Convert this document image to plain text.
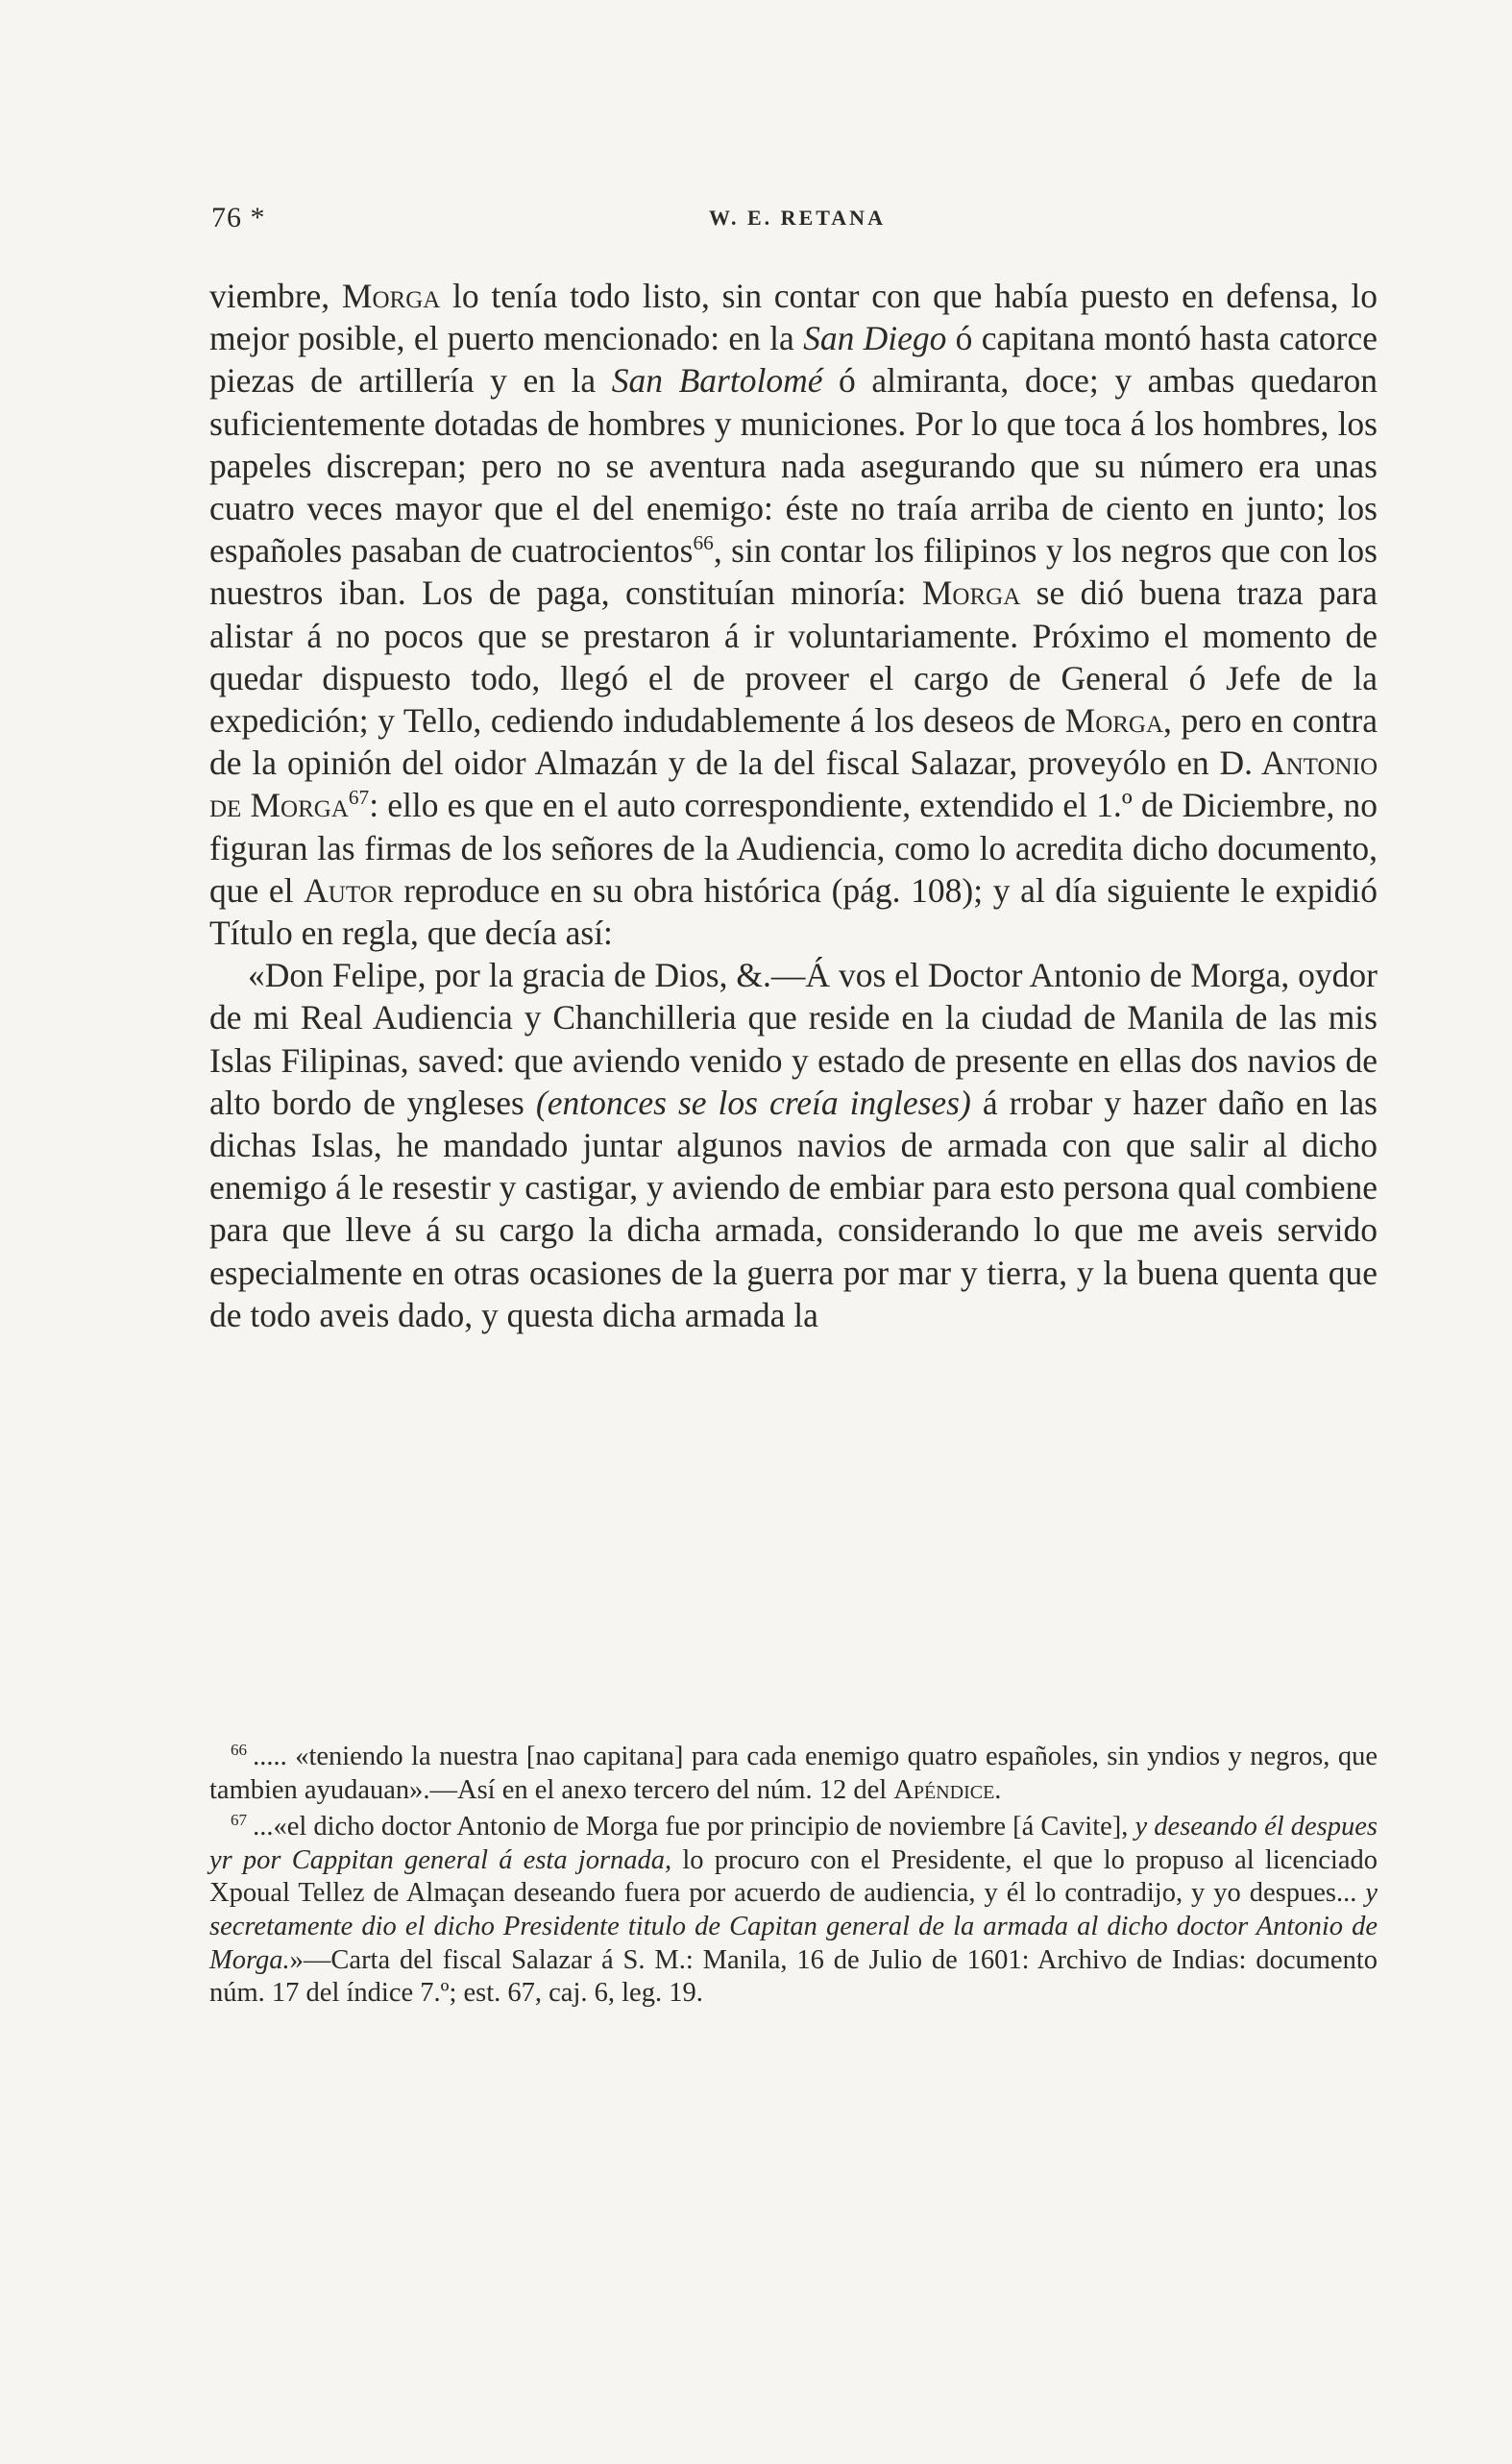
76 *	W. E. RETANA

viembre, Morga lo tenía todo listo, sin contar con que había puesto en defensa, lo mejor posible, el puerto mencionado: en la San Diego ó capitana montó hasta catorce piezas de artillería y en la San Bartolomé ó almiranta, doce; y ambas quedaron suficientemente dotadas de hombres y municiones. Por lo que toca á los hombres, los papeles discrepan; pero no se aventura nada asegurando que su número era unas cuatro veces mayor que el del enemigo: éste no traía arriba de ciento en junto; los españoles pasaban de cuatrocientos$^{66}$, sin contar los filipinos y los negros que con los nuestros iban. Los de paga, constituían minoría: Morga se dió buena traza para alistar á no pocos que se prestaron á ir voluntariamente. Próximo el momento de quedar dispuesto todo, llegó el de proveer el cargo de General ó Jefe de la expedición; y Tello, cediendo indudablemente á los deseos de Morga, pero en contra de la opinión del oidor Almazán y de la del fiscal Salazar, proveyólo en D. Antonio de Morga$^{67}$: ello es que en el auto correspondiente, extendido el 1.º de Diciembre, no figuran las firmas de los señores de la Audiencia, como lo acredita dicho documento, que el Autor reproduce en su obra histórica (pág. 108); y al día siguiente le expidió Título en regla, que decía así:

«Don Felipe, por la gracia de Dios, &.—Á vos el Doctor Antonio de Morga, oydor de mi Real Audiencia y Chanchilleria que reside en la ciudad de Manila de las mis Islas Filipinas, saved: que aviendo venido y estado de presente en ellas dos navios de alto bordo de yngleses (entonces se los creía ingleses) á rrobar y hazer daño en las dichas Islas, he mandado juntar algunos navios de armada con que salir al dicho enemigo á le resestir y castigar, y aviendo de embiar para esto persona qual combiene para que lleve á su cargo la dicha armada, considerando lo que me aveis servido especialmente en otras ocasiones de la guerra por mar y tierra, y la buena quenta que de todo aveis dado, y questa dicha armada la

$^{66}$ ..... «teniendo la nuestra [nao capitana] para cada enemigo quatro españoles, sin yndios y negros, que tambien ayudauan».—Así en el anexo tercero del núm. 12 del Apéndice.

$^{67}$ ...«el dicho doctor Antonio de Morga fue por principio de noviembre [á Cavite], y deseando él despues yr por Cappitan general á esta jornada, lo procuro con el Presidente, el que lo propuso al licenciado Xpoual Tellez de Almaçan deseando fuera por acuerdo de audiencia, y él lo contradijo, y yo despues... y secretamente dio el dicho Presidente titulo de Capitan general de la armada al dicho doctor Antonio de Morga.»—Carta del fiscal Salazar á S. M.: Manila, 16 de Julio de 1601: Archivo de Indias: documento núm. 17 del índice 7.º; est. 67, caj. 6, leg. 19.
